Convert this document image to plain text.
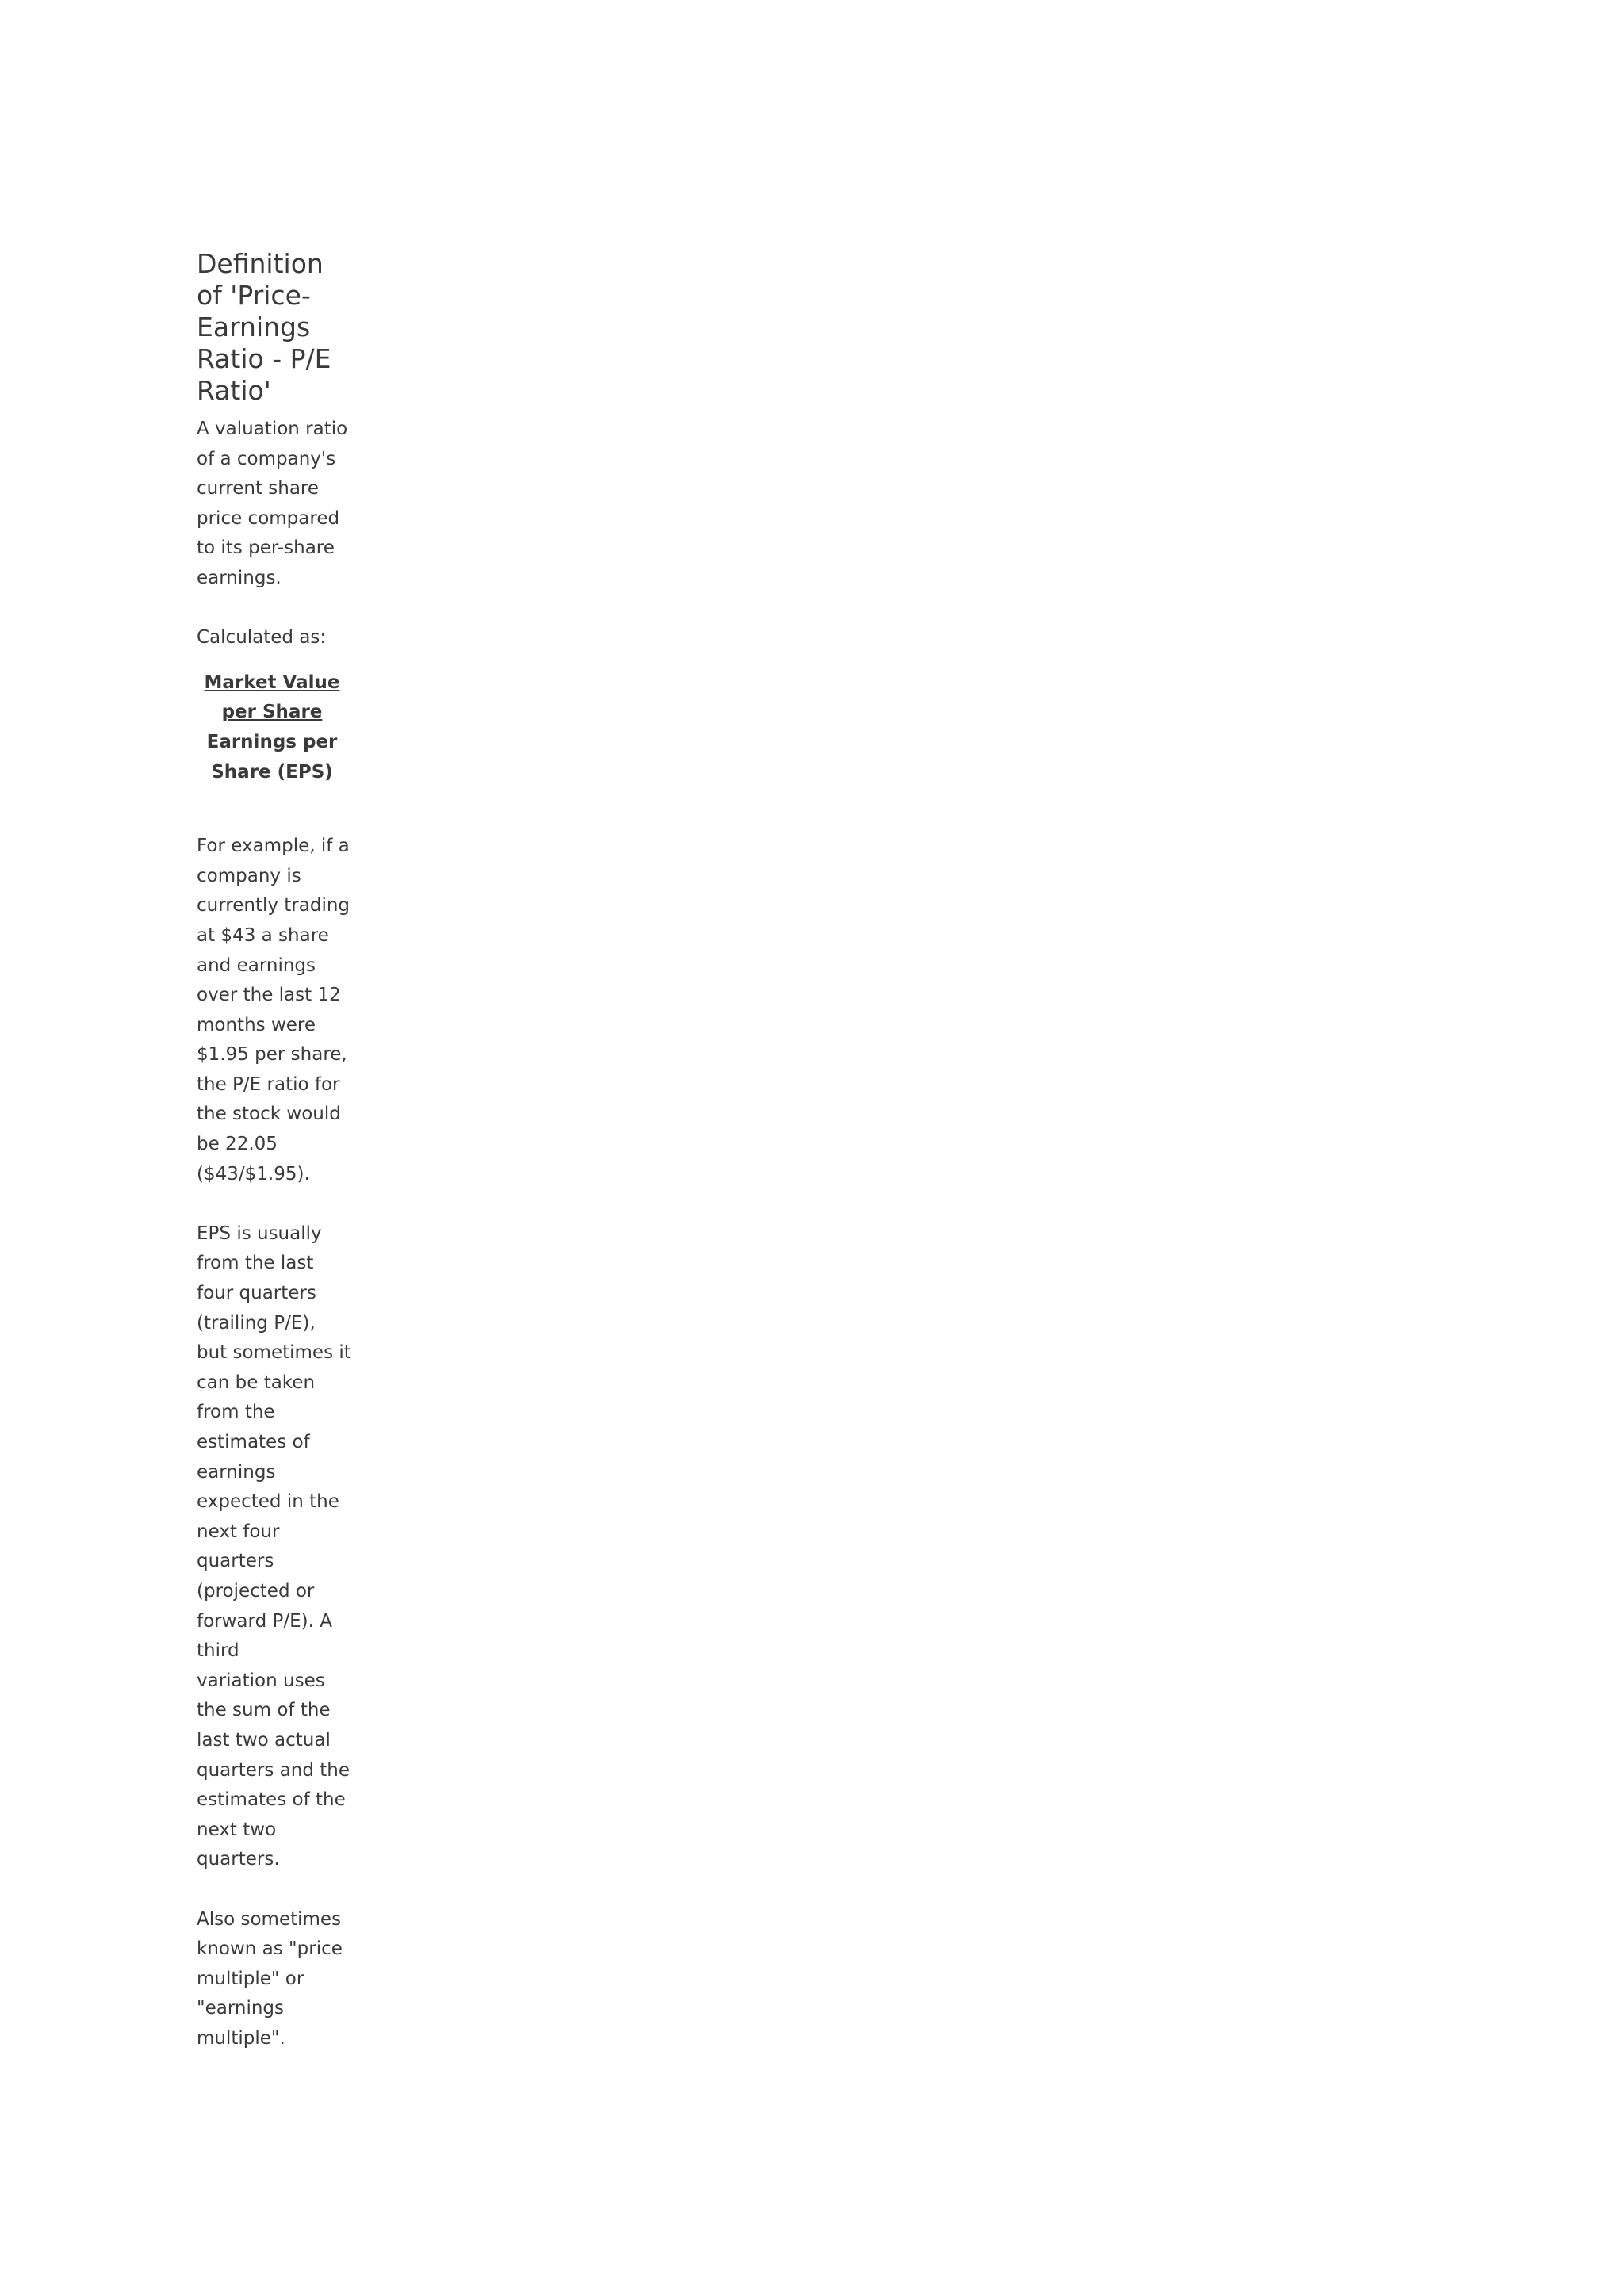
Definition
of 'Price-
Earnings
Ratio - P/E
Ratio'

A valuation ratio
of a company's
current share
price compared
to its per-share
earnings.

Calculated as:

Market Value
per Share
Earnings per
Share (EPS)

For example, if a
company is
currently trading
at $43 a share
and earnings
over the last 12
months were
$1.95 per share,
the P/E ratio for
the stock would
be 22.05
($43/$1.95).

EPS is usually
from the last
four quarters
(trailing P/E),
but sometimes it
can be taken
from the
estimates of
earnings
expected in the
next four
quarters
(projected or
forward P/E). A
third
variation uses
the sum of the
last two actual
quarters and the
estimates of the
next two
quarters.

Also sometimes
known as "price
multiple" or
"earnings
multiple".
